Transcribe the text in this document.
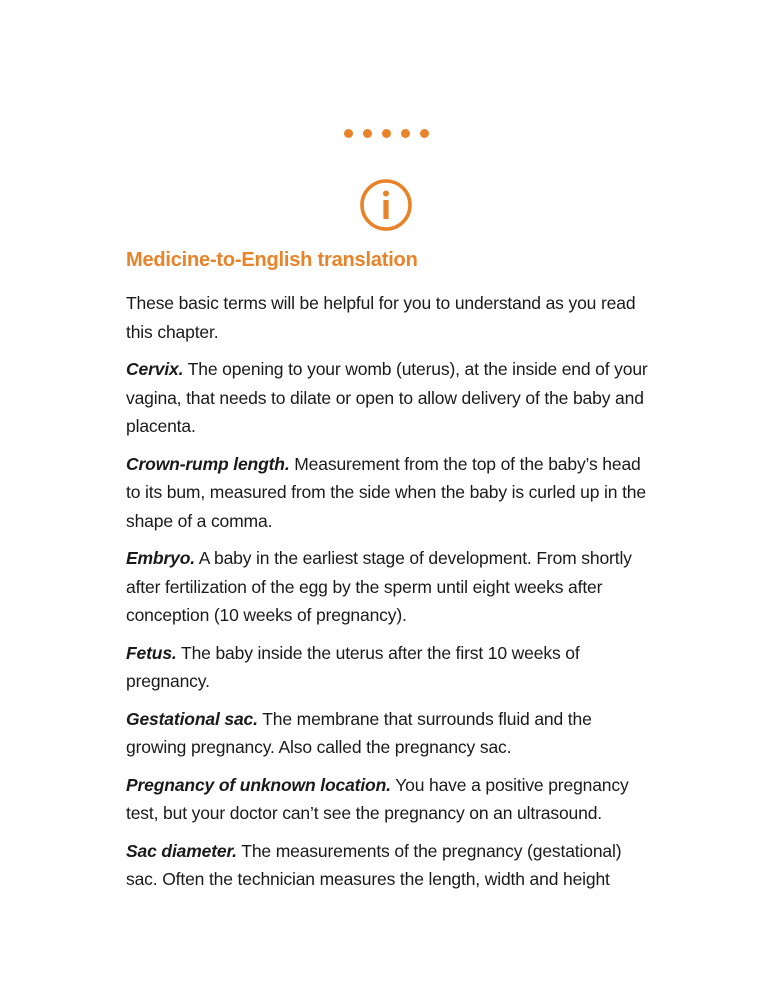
Medicine-to-English translation

These basic terms will be helpful for you to understand as you read this chapter.

Cervix. The opening to your womb (uterus), at the inside end of your vagina, that needs to dilate or open to allow delivery of the baby and placenta.

Crown-rump length. Measurement from the top of the baby’s head to its bum, measured from the side when the baby is curled up in the shape of a comma.

Embryo. A baby in the earliest stage of development. From shortly after fertilization of the egg by the sperm until eight weeks after conception (10 weeks of pregnancy).

Fetus. The baby inside the uterus after the first 10 weeks of pregnancy.

Gestational sac. The membrane that surrounds fluid and the growing pregnancy. Also called the pregnancy sac.

Pregnancy of unknown location. You have a positive pregnancy test, but your doctor can’t see the pregnancy on an ultrasound.

Sac diameter. The measurements of the pregnancy (gestational) sac. Often the technician measures the length, width and height
